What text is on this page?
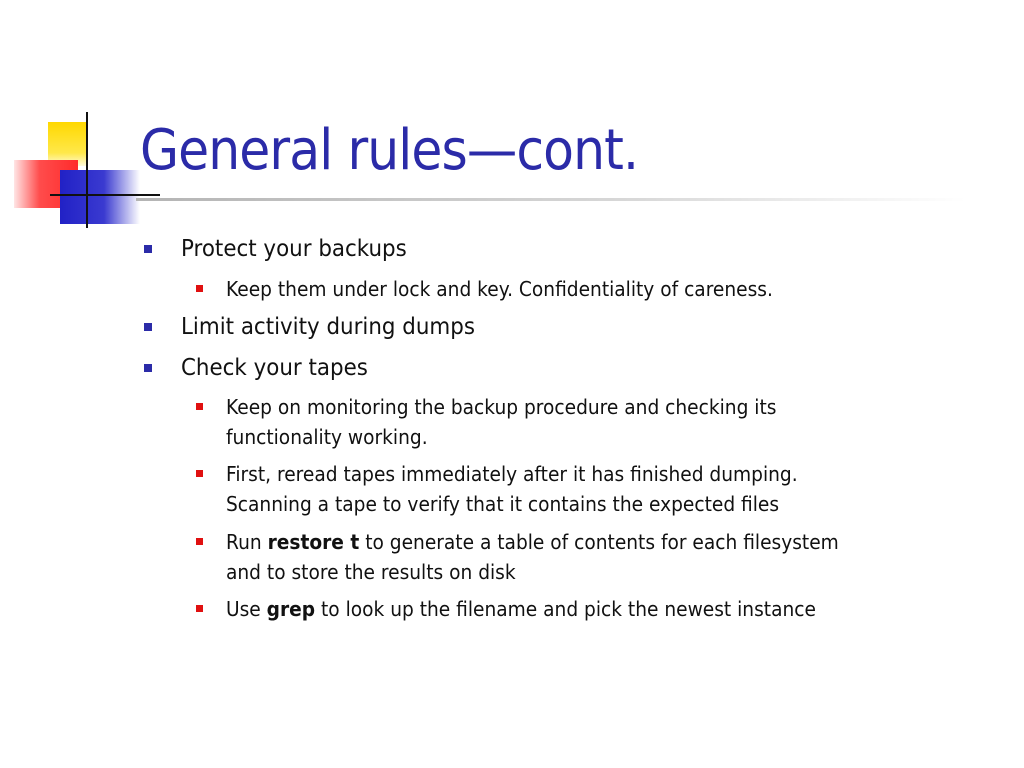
General rules—cont.
Protect your backups
Keep them under lock and key. Confidentiality of careness.
Limit activity during dumps
Check your tapes
Keep on monitoring the backup procedure and checking its
functionality working.
First, reread tapes immediately after it has finished dumping.
Scanning a tape to verify that it contains the expected files
Run restore t to generate a table of contents for each filesystem
and to store the results on disk
Use grep to look up the filename and pick the newest instance
